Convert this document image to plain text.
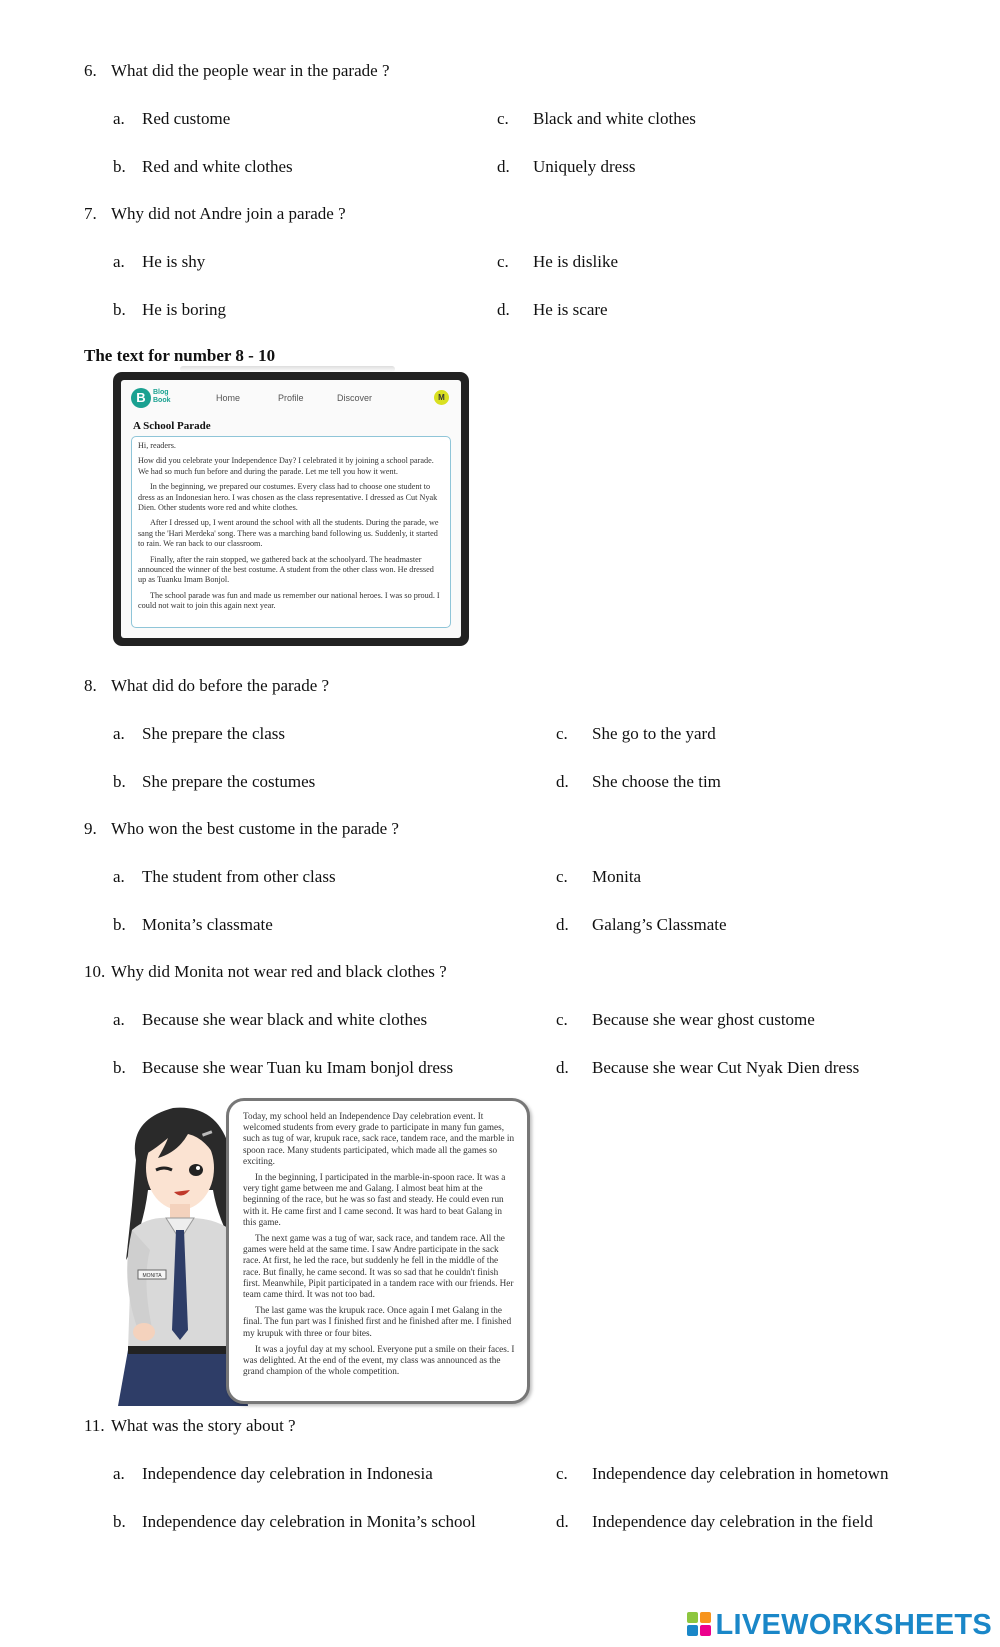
6. What did the people wear in the parade ?
a. Red custome
b. Red and white clothes
c. Black and white clothes
d. Uniquely dress
7. Why did not Andre join a parade ?
a. He is shy
b. He is boring
c. He is dislike
d. He is scare
The text for number 8 - 10
B	Blog
Book	Home	Profile	Discover	M
A School Parade

Hi, readers.

How did you celebrate your Independence Day? I celebrated it by joining a school parade. We had so much fun before and during the parade. Let me tell you how it went.

In the beginning, we prepared our costumes. Every class had to choose one student to dress as an Indonesian hero. I was chosen as the class representative. I dressed as Cut Nyak Dien. Other students wore red and white clothes.

After I dressed up, I went around the school with all the students. During the parade, we sang the 'Hari Merdeka' song. There was a marching band following us. Suddenly, it started to rain. We ran back to our classroom.

Finally, after the rain stopped, we gathered back at the schoolyard. The headmaster announced the winner of the best costume. A student from the other class won. He dressed up as Tuanku Imam Bonjol.

The school parade was fun and made us remember our national heroes. I was so proud. I could not wait to join this again next year.

8. What did do before the parade ?
a. She prepare the class
b. She prepare the costumes
c. She go to the yard
d. She choose the tim
9. Who won the best custome in the parade ?
a. The student from other class
b. Monita’s classmate
c. Monita
d. Galang’s Classmate
10. Why did Monita not wear red and black clothes ?
a. Because she wear black and white clothes
b. Because she wear Tuan ku Imam bonjol dress
c. Because she wear ghost custome
d. Because she wear Cut Nyak Dien dress
MONITA

Today, my school held an Independence Day celebration event. It welcomed students from every grade to participate in many fun games, such as tug of war, krupuk race, sack race, tandem race, and the marble in spoon race. Many students participated, which made all the games so exciting.

In the beginning, I participated in the marble-in-spoon race. It was a very tight game between me and Galang. I almost beat him at the beginning of the race, but he was so fast and steady. He could even run with it. He came first and I came second. It was hard to beat Galang in this game.

The next game was a tug of war, sack race, and tandem race. All the games were held at the same time. I saw Andre participate in the sack race. At first, he led the race, but suddenly he fell in the middle of the race. But finally, he came second. It was so sad that he couldn't finish first. Meanwhile, Pipit participated in a tandem race with our friends. Her team came third. It was not too bad.

The last game was the krupuk race. Once again I met Galang in the final. The fun part was I finished first and he finished after me. I finished my krupuk with three or four bites.

It was a joyful day at my school. Everyone put a smile on their faces. I was delighted. At the end of the event, my class was announced as the grand champion of the whole competition.

11. What was the story about ?
a. Independence day celebration in Indonesia
b. Independence day celebration in Monita’s school
c. Independence day celebration in hometown
d. Independence day celebration in the field
LIVEWORKSHEETS
